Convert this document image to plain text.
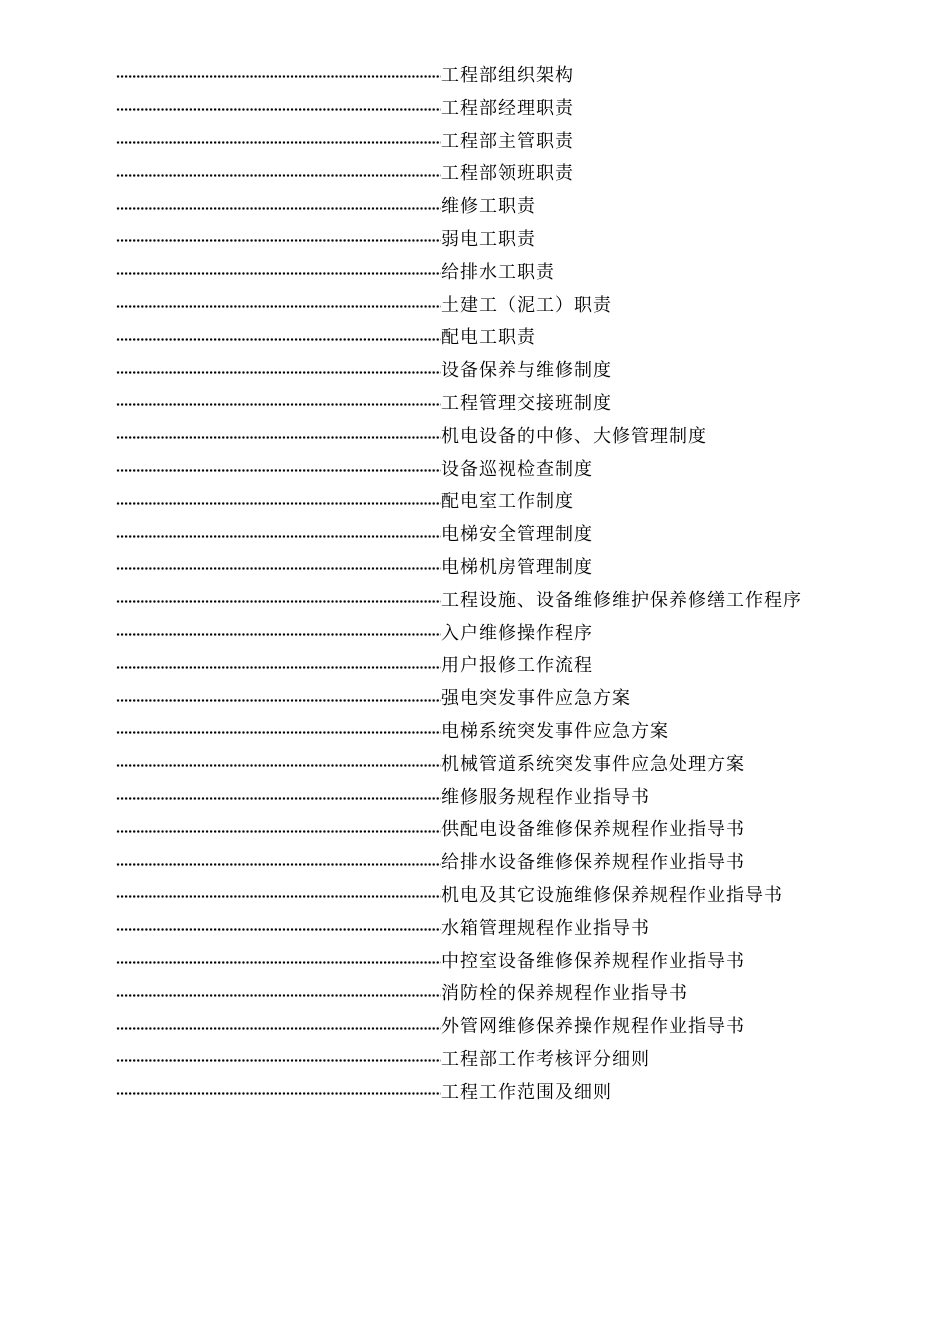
工程部组织架构
工程部经理职责
工程部主管职责
工程部领班职责
维修工职责
弱电工职责
给排水工职责
土建工（泥工）职责
配电工职责
设备保养与维修制度
工程管理交接班制度
机电设备的中修、大修管理制度
设备巡视检查制度
配电室工作制度
电梯安全管理制度
电梯机房管理制度
工程设施、设备维修维护保养修缮工作程序
入户维修操作程序
用户报修工作流程
强电突发事件应急方案
电梯系统突发事件应急方案
机械管道系统突发事件应急处理方案
维修服务规程作业指导书
供配电设备维修保养规程作业指导书
给排水设备维修保养规程作业指导书
机电及其它设施维修保养规程作业指导书
水箱管理规程作业指导书
中控室设备维修保养规程作业指导书
消防栓的保养规程作业指导书
外管网维修保养操作规程作业指导书
工程部工作考核评分细则
工程工作范围及细则
